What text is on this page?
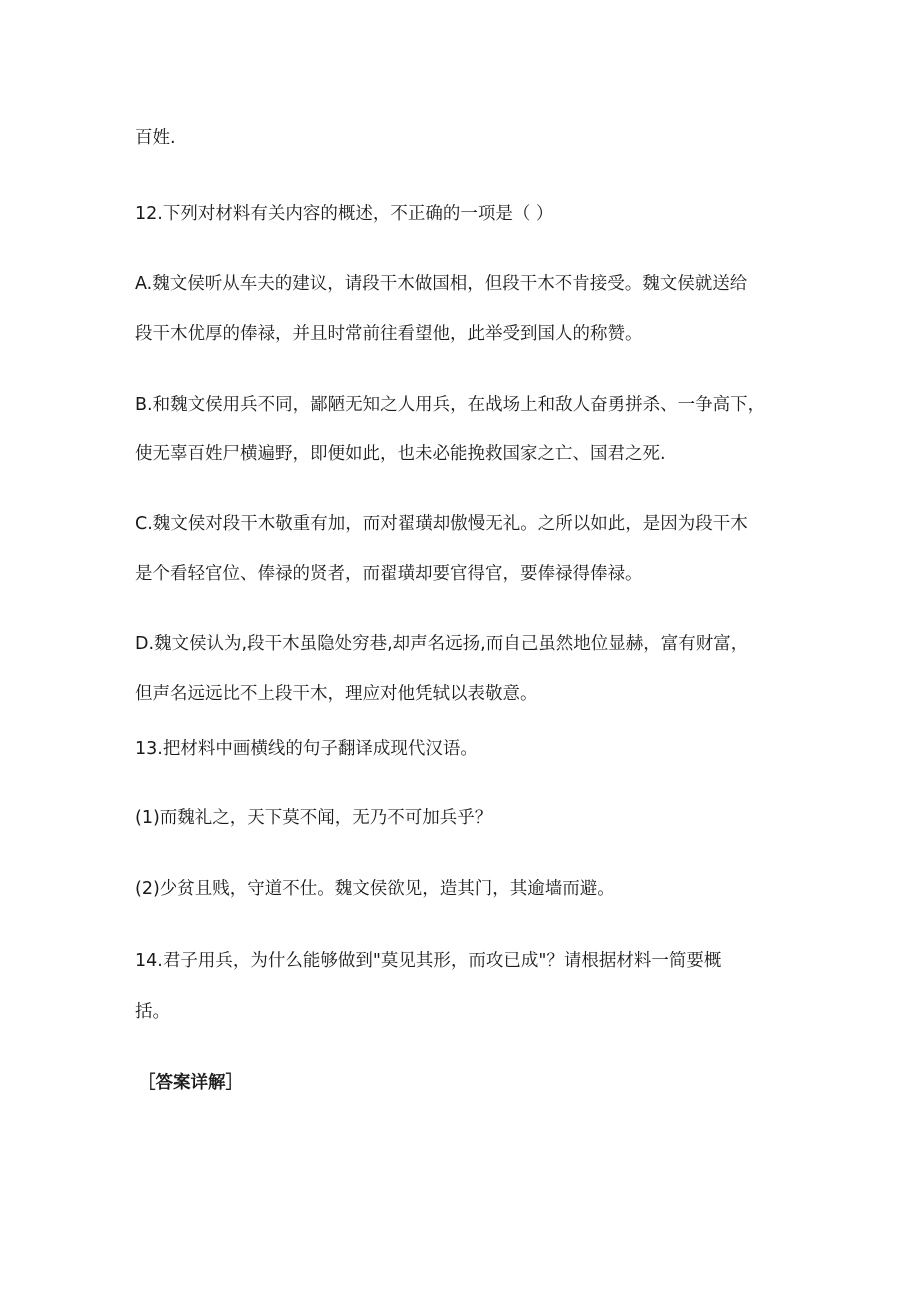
百姓.
12.下列对材料有关内容的概述，不正确的一项是（ ）
A.魏文侯听从车夫的建议，请段干木做国相，但段干木不肯接受。魏文侯就送给
段干木优厚的俸禄，并且时常前往看望他，此举受到国人的称赞。
B.和魏文侯用兵不同，鄙陋无知之人用兵，在战场上和敌人奋勇拼杀、一争高下，
使无辜百姓尸横遍野，即便如此，也未必能挽救国家之亡、国君之死.
C.魏文侯对段干木敬重有加，而对翟璜却傲慢无礼。之所以如此，是因为段干木
是个看轻官位、俸禄的贤者，而翟璜却要官得官，要俸禄得俸禄。
D.魏文侯认为,段干木虽隐处穷巷,却声名远扬,而自己虽然地位显赫，富有财富，
但声名远远比不上段干木，理应对他凭轼以表敬意。
13.把材料中画横线的句子翻译成现代汉语。
(1)而魏礼之，天下莫不闻，无乃不可加兵乎？
(2)少贫且贱，守道不仕。魏文侯欲见，造其门，其逾墙而避。
14.君子用兵，为什么能够做到"莫见其形，而攻已成"？请根据材料一简要概
括。
［答案详解］
